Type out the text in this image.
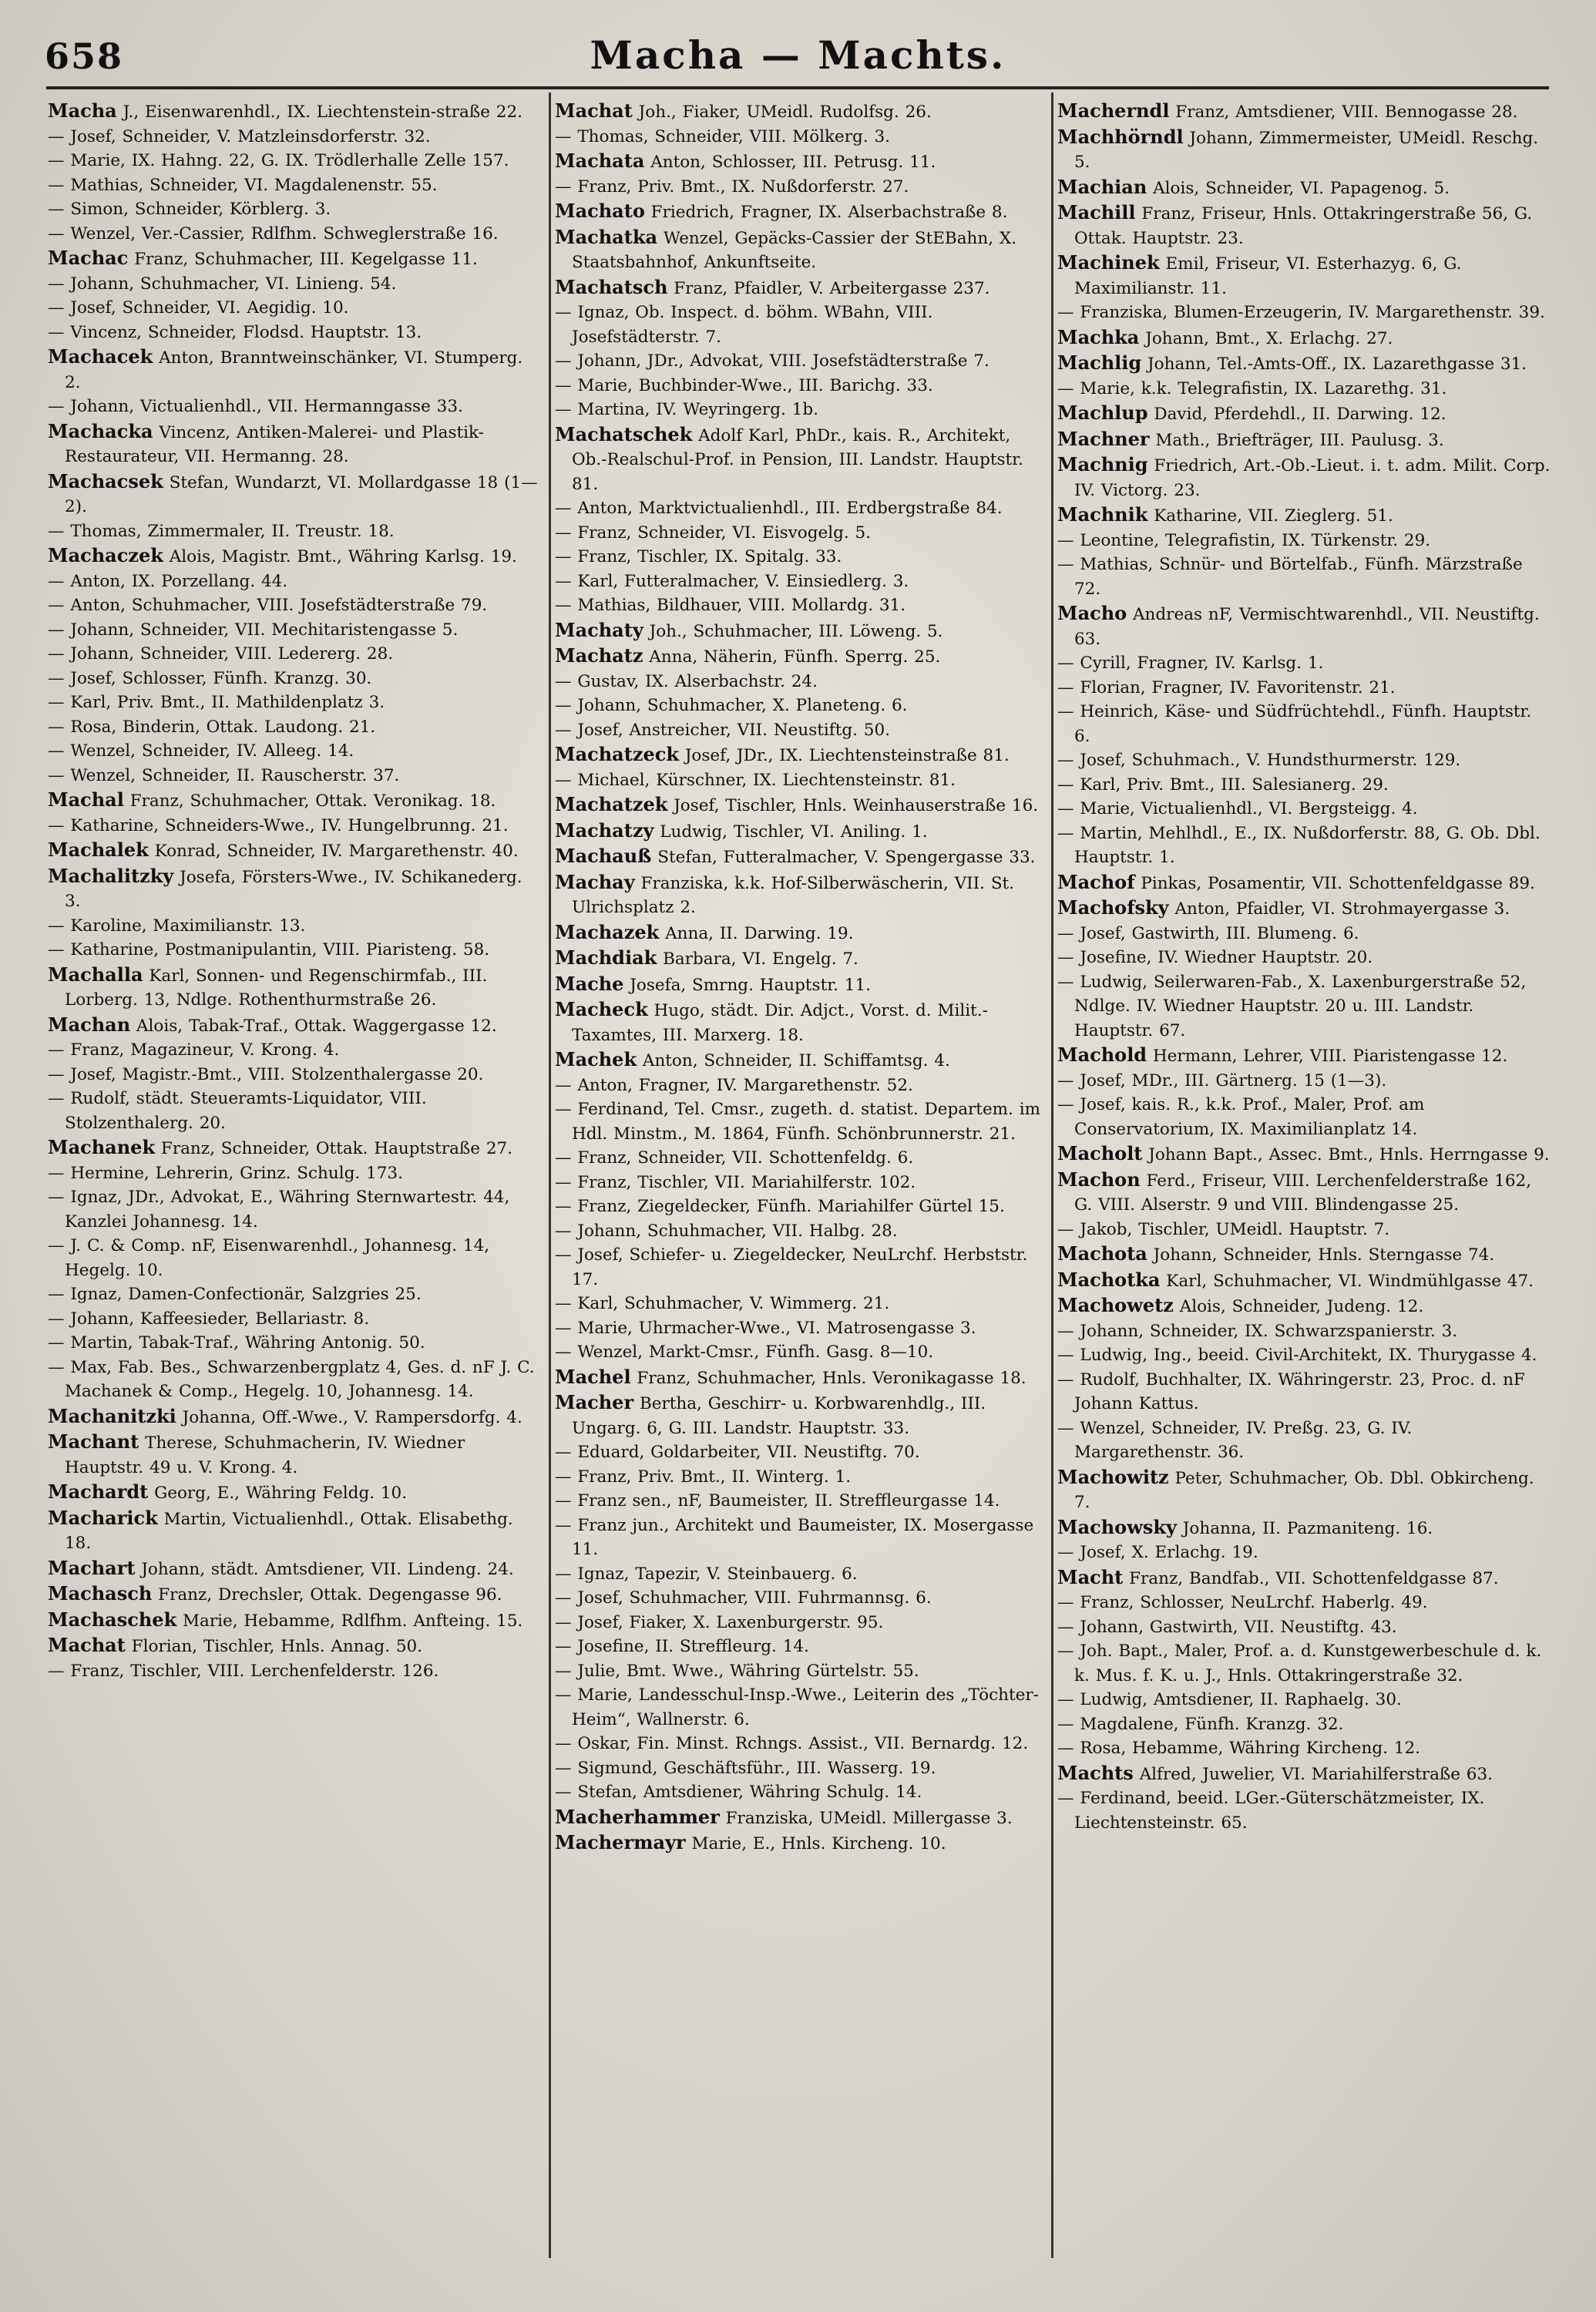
658	Macha — Machts.

Macha J., Eisenwarenhdl., IX. Liechtenstein-straße 22.

— Josef, Schneider, V. Matzleinsdorferstr. 32.

— Marie, IX. Hahng. 22, G. IX. Trödlerhalle Zelle 157.

— Mathias, Schneider, VI. Magdalenenstr. 55.

— Simon, Schneider, Körblerg. 3.

— Wenzel, Ver.-Cassier, Rdlfhm. Schweglerstraße 16.

Machac Franz, Schuhmacher, III. Kegelgasse 11.

— Johann, Schuhmacher, VI. Linieng. 54.

— Josef, Schneider, VI. Aegidig. 10.

— Vincenz, Schneider, Flodsd. Hauptstr. 13.

Machacek Anton, Branntweinschänker, VI. Stumperg. 2.

— Johann, Victualienhdl., VII. Hermanngasse 33.

Machacka Vincenz, Antiken-Malerei- und Plastik-Restaurateur, VII. Hermanng. 28.

Machacsek Stefan, Wundarzt, VI. Mollardgasse 18 (1—2).

— Thomas, Zimmermaler, II. Treustr. 18.

Machaczek Alois, Magistr. Bmt., Währing Karlsg. 19.

— Anton, IX. Porzellang. 44.

— Anton, Schuhmacher, VIII. Josefstädterstraße 79.

— Johann, Schneider, VII. Mechitaristengasse 5.

— Johann, Schneider, VIII. Ledererg. 28.

— Josef, Schlosser, Fünfh. Kranzg. 30.

— Karl, Priv. Bmt., II. Mathildenplatz 3.

— Rosa, Binderin, Ottak. Laudong. 21.

— Wenzel, Schneider, IV. Alleeg. 14.

— Wenzel, Schneider, II. Rauscherstr. 37.

Machal Franz, Schuhmacher, Ottak. Veronikag. 18.

— Katharine, Schneiders-Wwe., IV. Hungelbrunng. 21.

Machalek Konrad, Schneider, IV. Margarethenstr. 40.

Machalitzky Josefa, Försters-Wwe., IV. Schikanederg. 3.

— Karoline, Maximilianstr. 13.

— Katharine, Postmanipulantin, VIII. Piaristeng. 58.

Machalla Karl, Sonnen- und Regenschirmfab., III. Lorberg. 13, Ndlge. Rothenthurmstraße 26.

Machan Alois, Tabak-Traf., Ottak. Waggergasse 12.

— Franz, Magazineur, V. Krong. 4.

— Josef, Magistr.-Bmt., VIII. Stolzenthalergasse 20.

— Rudolf, städt. Steueramts-Liquidator, VIII. Stolzenthalerg. 20.

Machanek Franz, Schneider, Ottak. Hauptstraße 27.

— Hermine, Lehrerin, Grinz. Schulg. 173.

— Ignaz, JDr., Advokat, E., Währing Sternwartestr. 44, Kanzlei Johannesg. 14.

— J. C. & Comp. nF, Eisenwarenhdl., Johannesg. 14, Hegelg. 10.

— Ignaz, Damen-Confectionär, Salzgries 25.

— Johann, Kaffeesieder, Bellariastr. 8.

— Martin, Tabak-Traf., Währing Antonig. 50.

— Max, Fab. Bes., Schwarzenbergplatz 4, Ges. d. nF J. C. Machanek & Comp., Hegelg. 10, Johannesg. 14.

Machanitzki Johanna, Off.-Wwe., V. Rampersdorfg. 4.

Machant Therese, Schuhmacherin, IV. Wiedner Hauptstr. 49 u. V. Krong. 4.

Machardt Georg, E., Währing Feldg. 10.

Macharick Martin, Victualienhdl., Ottak. Elisabethg. 18.

Machart Johann, städt. Amtsdiener, VII. Lindeng. 24.

Machasch Franz, Drechsler, Ottak. Degengasse 96.

Machaschek Marie, Hebamme, Rdlfhm. Anfteing. 15.

Machat Florian, Tischler, Hnls. Annag. 50.

— Franz, Tischler, VIII. Lerchenfelderstr. 126.

Machat Joh., Fiaker, UMeidl. Rudolfsg. 26.

— Thomas, Schneider, VIII. Mölkerg. 3.

Machata Anton, Schlosser, III. Petrusg. 11.

— Franz, Priv. Bmt., IX. Nußdorferstr. 27.

Machato Friedrich, Fragner, IX. Alserbachstraße 8.

Machatka Wenzel, Gepäcks-Cassier der StEBahn, X. Staatsbahnhof, Ankunftseite.

Machatsch Franz, Pfaidler, V. Arbeitergasse 237.

— Ignaz, Ob. Inspect. d. böhm. WBahn, VIII. Josefstädterstr. 7.

— Johann, JDr., Advokat, VIII. Josefstädterstraße 7.

— Marie, Buchbinder-Wwe., III. Barichg. 33.

— Martina, IV. Weyringerg. 1b.

Machatschek Adolf Karl, PhDr., kais. R., Architekt, Ob.-Realschul-Prof. in Pension, III. Landstr. Hauptstr. 81.

— Anton, Marktvictualienhdl., III. Erdbergstraße 84.

— Franz, Schneider, VI. Eisvogelg. 5.

— Franz, Tischler, IX. Spitalg. 33.

— Karl, Futteralmacher, V. Einsiedlerg. 3.

— Mathias, Bildhauer, VIII. Mollardg. 31.

Machaty Joh., Schuhmacher, III. Löweng. 5.

Machatz Anna, Näherin, Fünfh. Sperrg. 25.

— Gustav, IX. Alserbachstr. 24.

— Johann, Schuhmacher, X. Planeteng. 6.

— Josef, Anstreicher, VII. Neustiftg. 50.

Machatzeck Josef, JDr., IX. Liechtensteinstraße 81.

— Michael, Kürschner, IX. Liechtensteinstr. 81.

Machatzek Josef, Tischler, Hnls. Weinhauserstraße 16.

Machatzy Ludwig, Tischler, VI. Aniling. 1.

Machauß Stefan, Futteralmacher, V. Spengergasse 33.

Machay Franziska, k.k. Hof-Silberwäscherin, VII. St. Ulrichsplatz 2.

Machazek Anna, II. Darwing. 19.

Machdiak Barbara, VI. Engelg. 7.

Mache Josefa, Smrng. Hauptstr. 11.

Macheck Hugo, städt. Dir. Adjct., Vorst. d. Milit.-Taxamtes, III. Marxerg. 18.

Machek Anton, Schneider, II. Schiffamtsg. 4.

— Anton, Fragner, IV. Margarethenstr. 52.

— Ferdinand, Tel. Cmsr., zugeth. d. statist. Departem. im Hdl. Minstm., M. 1864, Fünfh. Schönbrunnerstr. 21.

— Franz, Schneider, VII. Schottenfeldg. 6.

— Franz, Tischler, VII. Mariahilferstr. 102.

— Franz, Ziegeldecker, Fünfh. Mariahilfer Gürtel 15.

— Johann, Schuhmacher, VII. Halbg. 28.

— Josef, Schiefer- u. Ziegeldecker, NeuLrchf. Herbststr. 17.

— Karl, Schuhmacher, V. Wimmerg. 21.

— Marie, Uhrmacher-Wwe., VI. Matrosengasse 3.

— Wenzel, Markt-Cmsr., Fünfh. Gasg. 8—10.

Machel Franz, Schuhmacher, Hnls. Veronikagasse 18.

Macher Bertha, Geschirr- u. Korbwarenhdlg., III. Ungarg. 6, G. III. Landstr. Hauptstr. 33.

— Eduard, Goldarbeiter, VII. Neustiftg. 70.

— Franz, Priv. Bmt., II. Winterg. 1.

— Franz sen., nF, Baumeister, II. Streffleurgasse 14.

— Franz jun., Architekt und Baumeister, IX. Mosergasse 11.

— Ignaz, Tapezir, V. Steinbauerg. 6.

— Josef, Schuhmacher, VIII. Fuhrmannsg. 6.

— Josef, Fiaker, X. Laxenburgerstr. 95.

— Josefine, II. Streffleurg. 14.

— Julie, Bmt. Wwe., Währing Gürtelstr. 55.

— Marie, Landesschul-Insp.-Wwe., Leiterin des „Töchter-Heim“, Wallnerstr. 6.

— Oskar, Fin. Minst. Rchngs. Assist., VII. Bernardg. 12.

— Sigmund, Geschäftsführ., III. Wasserg. 19.

— Stefan, Amtsdiener, Währing Schulg. 14.

Macherhammer Franziska, UMeidl. Millergasse 3.

Machermayr Marie, E., Hnls. Kircheng. 10.

Macherndl Franz, Amtsdiener, VIII. Bennogasse 28.

Machhörndl Johann, Zimmermeister, UMeidl. Reschg. 5.

Machian Alois, Schneider, VI. Papagenog. 5.

Machill Franz, Friseur, Hnls. Ottakringerstraße 56, G. Ottak. Hauptstr. 23.

Machinek Emil, Friseur, VI. Esterhazyg. 6, G. Maximilianstr. 11.

— Franziska, Blumen-Erzeugerin, IV. Margarethenstr. 39.

Machka Johann, Bmt., X. Erlachg. 27.

Machlig Johann, Tel.-Amts-Off., IX. Lazarethgasse 31.

— Marie, k.k. Telegrafistin, IX. Lazarethg. 31.

Machlup David, Pferdehdl., II. Darwing. 12.

Machner Math., Briefträger, III. Paulusg. 3.

Machnig Friedrich, Art.-Ob.-Lieut. i. t. adm. Milit. Corp. IV. Victorg. 23.

Machnik Katharine, VII. Zieglerg. 51.

— Leontine, Telegrafistin, IX. Türkenstr. 29.

— Mathias, Schnür- und Börtelfab., Fünfh. Märzstraße 72.

Macho Andreas nF, Vermischtwarenhdl., VII. Neustiftg. 63.

— Cyrill, Fragner, IV. Karlsg. 1.

— Florian, Fragner, IV. Favoritenstr. 21.

— Heinrich, Käse- und Südfrüchtehdl., Fünfh. Hauptstr. 6.

— Josef, Schuhmach., V. Hundsthurmerstr. 129.

— Karl, Priv. Bmt., III. Salesianerg. 29.

— Marie, Victualienhdl., VI. Bergsteigg. 4.

— Martin, Mehlhdl., E., IX. Nußdorferstr. 88, G. Ob. Dbl. Hauptstr. 1.

Machof Pinkas, Posamentir, VII. Schottenfeldgasse 89.

Machofsky Anton, Pfaidler, VI. Strohmayergasse 3.

— Josef, Gastwirth, III. Blumeng. 6.

— Josefine, IV. Wiedner Hauptstr. 20.

— Ludwig, Seilerwaren-Fab., X. Laxenburgerstraße 52, Ndlge. IV. Wiedner Hauptstr. 20 u. III. Landstr. Hauptstr. 67.

Machold Hermann, Lehrer, VIII. Piaristengasse 12.

— Josef, MDr., III. Gärtnerg. 15 (1—3).

— Josef, kais. R., k.k. Prof., Maler, Prof. am Conservatorium, IX. Maximilianplatz 14.

Macholt Johann Bapt., Assec. Bmt., Hnls. Herrngasse 9.

Machon Ferd., Friseur, VIII. Lerchenfelderstraße 162, G. VIII. Alserstr. 9 und VIII. Blindengasse 25.

— Jakob, Tischler, UMeidl. Hauptstr. 7.

Machota Johann, Schneider, Hnls. Sterngasse 74.

Machotka Karl, Schuhmacher, VI. Windmühlgasse 47.

Machowetz Alois, Schneider, Judeng. 12.

— Johann, Schneider, IX. Schwarzspanierstr. 3.

— Ludwig, Ing., beeid. Civil-Architekt, IX. Thurygasse 4.

— Rudolf, Buchhalter, IX. Währingerstr. 23, Proc. d. nF Johann Kattus.

— Wenzel, Schneider, IV. Preßg. 23, G. IV. Margarethenstr. 36.

Machowitz Peter, Schuhmacher, Ob. Dbl. Obkircheng. 7.

Machowsky Johanna, II. Pazmaniteng. 16.

— Josef, X. Erlachg. 19.

Macht Franz, Bandfab., VII. Schottenfeldgasse 87.

— Franz, Schlosser, NeuLrchf. Haberlg. 49.

— Johann, Gastwirth, VII. Neustiftg. 43.

— Joh. Bapt., Maler, Prof. a. d. Kunstgewerbeschule d. k. k. Mus. f. K. u. J., Hnls. Ottakringerstraße 32.

— Ludwig, Amtsdiener, II. Raphaelg. 30.

— Magdalene, Fünfh. Kranzg. 32.

— Rosa, Hebamme, Währing Kircheng. 12.

Machts Alfred, Juwelier, VI. Mariahilferstraße 63.

— Ferdinand, beeid. LGer.-Güterschätzmeister, IX. Liechtensteinstr. 65.
